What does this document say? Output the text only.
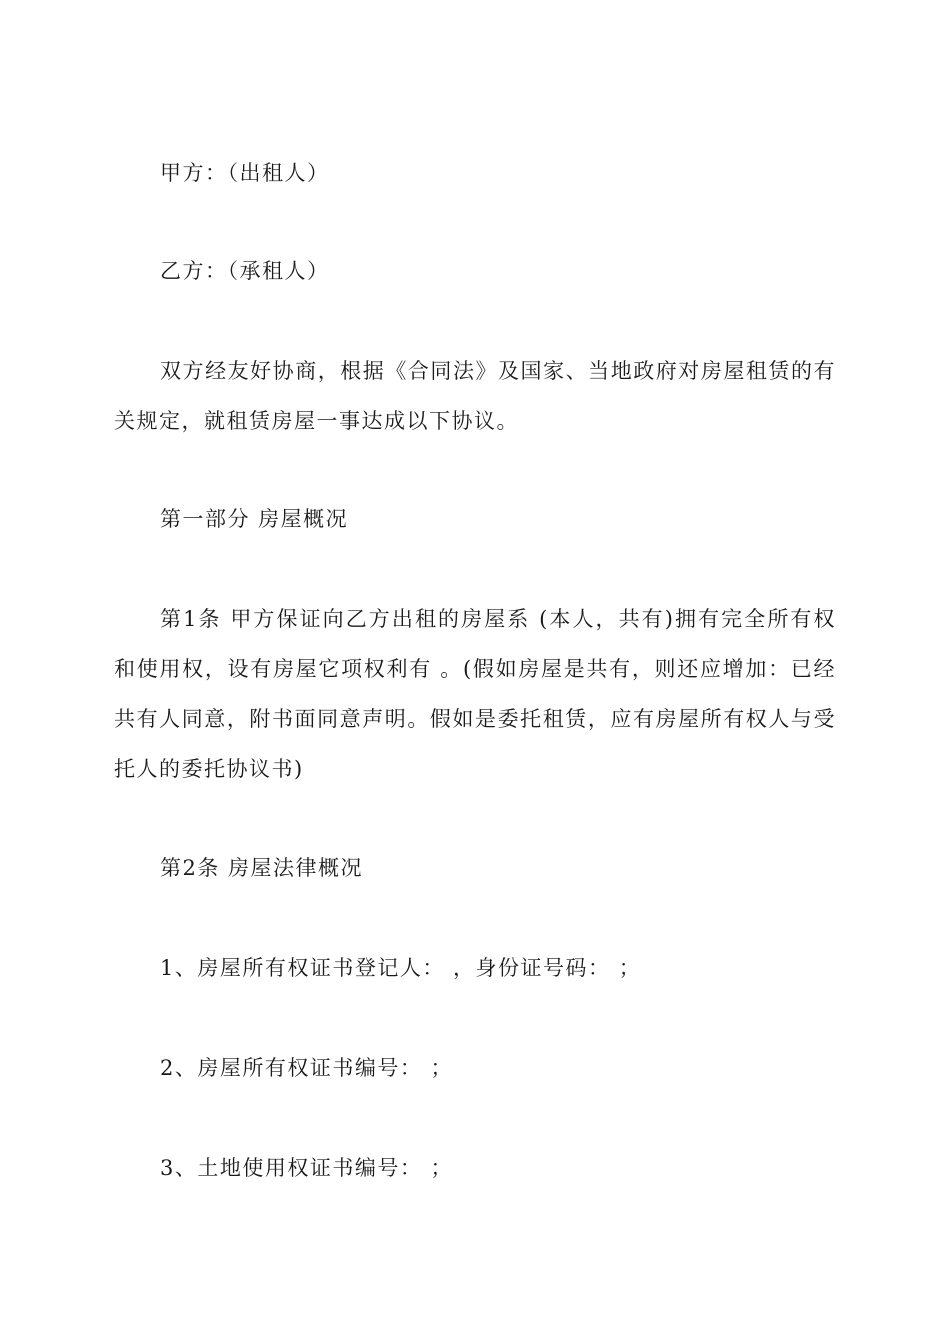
甲方：（出租人）
乙方：（承租人）
双方经友好协商，根据《合同法》及国家、当地政府对房屋租赁的有关规定，就租赁房屋一事达成以下协议。
第一部分 房屋概况
第1条 甲方保证向乙方出租的房屋系 (本人，共有)拥有完全所有权和使用权，设有房屋它项权利有 。(假如房屋是共有，则还应增加：已经共有人同意，附书面同意声明。假如是委托租赁，应有房屋所有权人与受托人的委托协议书)
第2条 房屋法律概况
1、房屋所有权证书登记人： ，身份证号码： ；
2、房屋所有权证书编号： ；
3、土地使用权证书编号： ；
